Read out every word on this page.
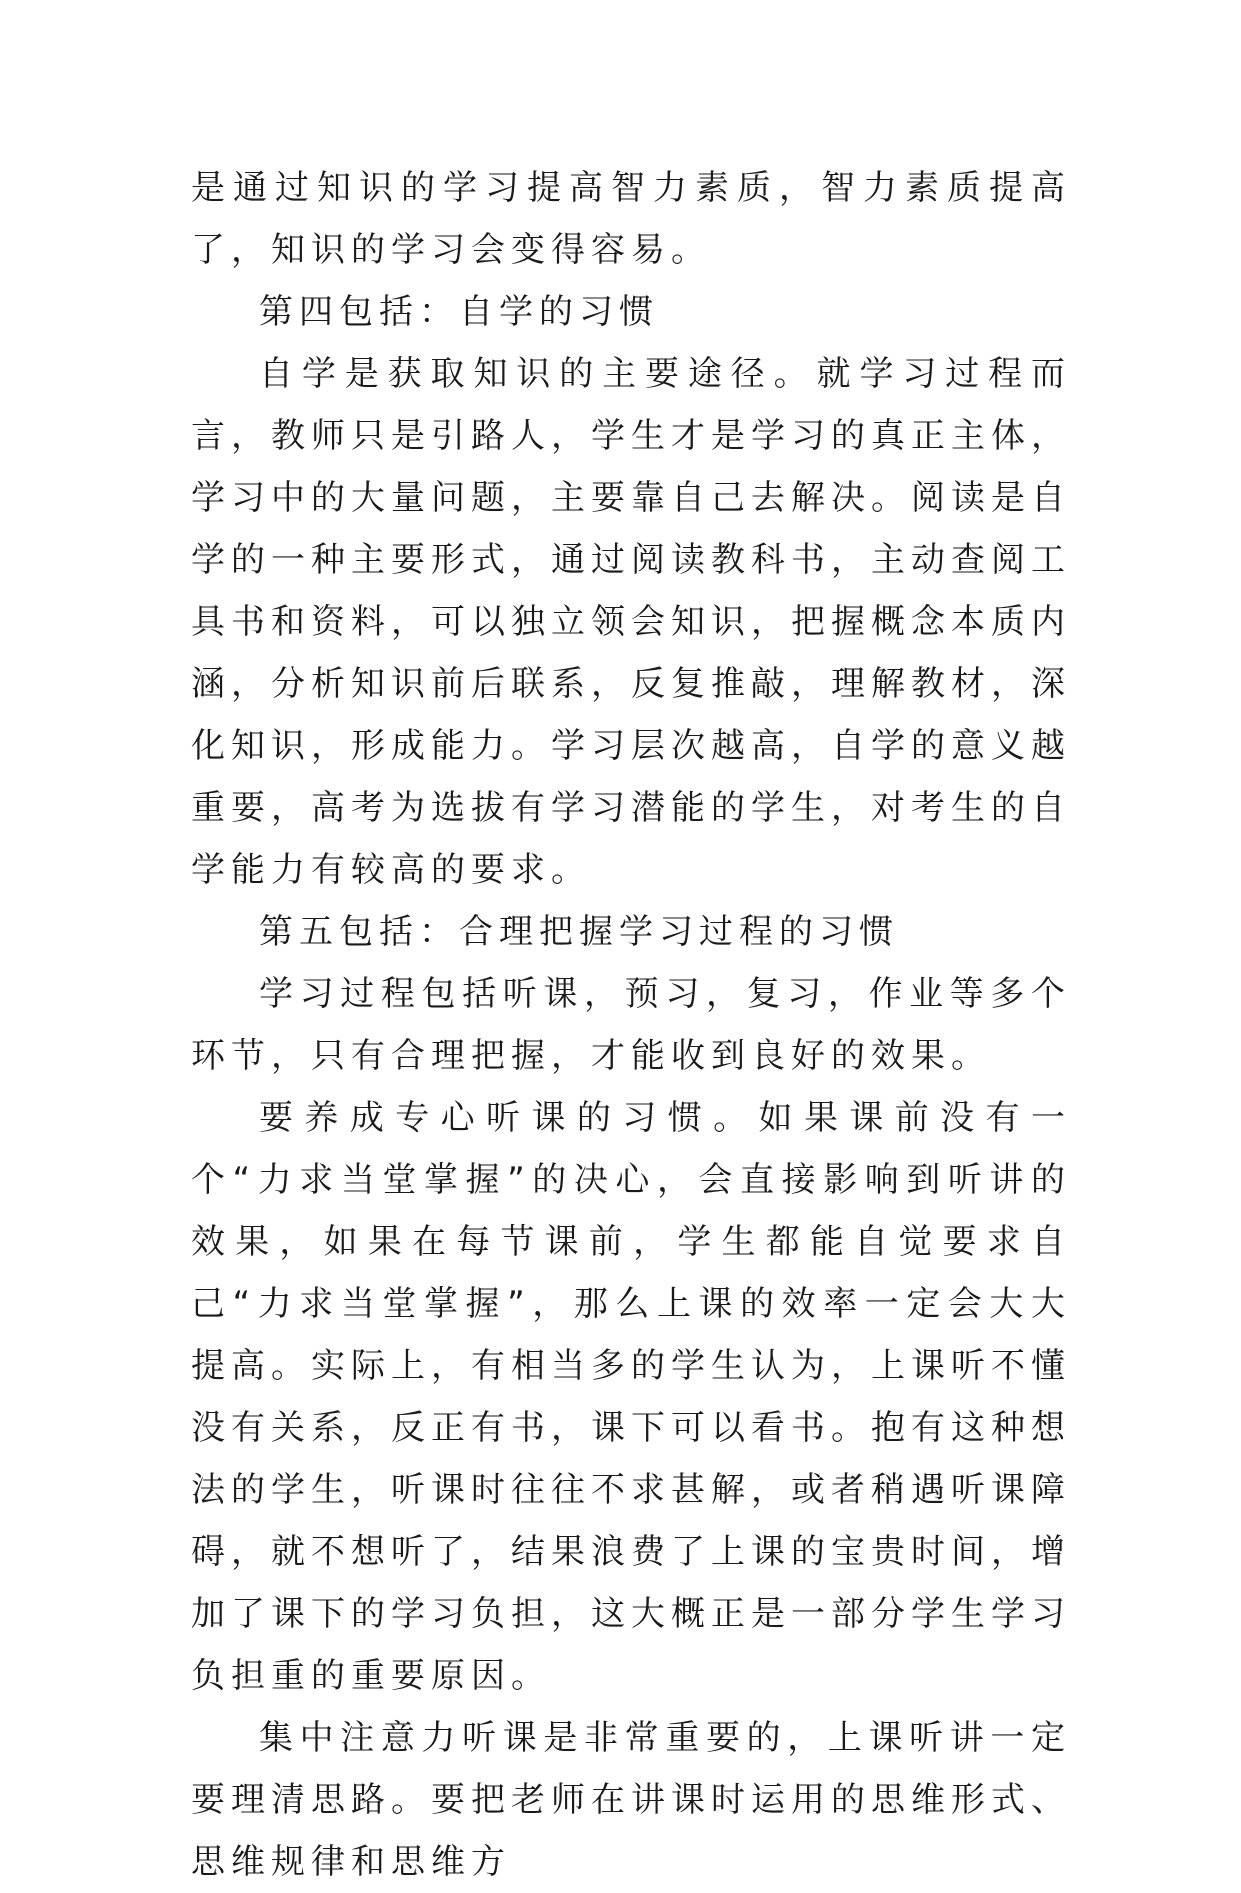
是通过知识的学习提高智力素质，智力素质提高了，知识的学习会变得容易。

第四包括：自学的习惯

自学是获取知识的主要途径。就学习过程而言，教师只是引路人，学生才是学习的真正主体，学习中的大量问题，主要靠自己去解决。阅读是自学的一种主要形式，通过阅读教科书，主动查阅工具书和资料，可以独立领会知识，把握概念本质内涵，分析知识前后联系，反复推敲，理解教材，深化知识，形成能力。学习层次越高，自学的意义越重要，高考为选拔有学习潜能的学生，对考生的自学能力有较高的要求。

第五包括：合理把握学习过程的习惯

学习过程包括听课，预习，复习，作业等多个环节，只有合理把握，才能收到良好的效果。

要养成专心听课的习惯。如果课前没有一个“力求当堂掌握”的决心，会直接影响到听讲的效果，如果在每节课前，学生都能自觉要求自己“力求当堂掌握”，那么上课的效率一定会大大提高。实际上，有相当多的学生认为，上课听不懂没有关系，反正有书，课下可以看书。抱有这种想法的学生，听课时往往不求甚解，或者稍遇听课障碍，就不想听了，结果浪费了上课的宝贵时间，增加了课下的学习负担，这大概正是一部分学生学习负担重的重要原因。

集中注意力听课是非常重要的，上课听讲一定要理清思路。要把老师在讲课时运用的思维形式、思维规律和思维方
